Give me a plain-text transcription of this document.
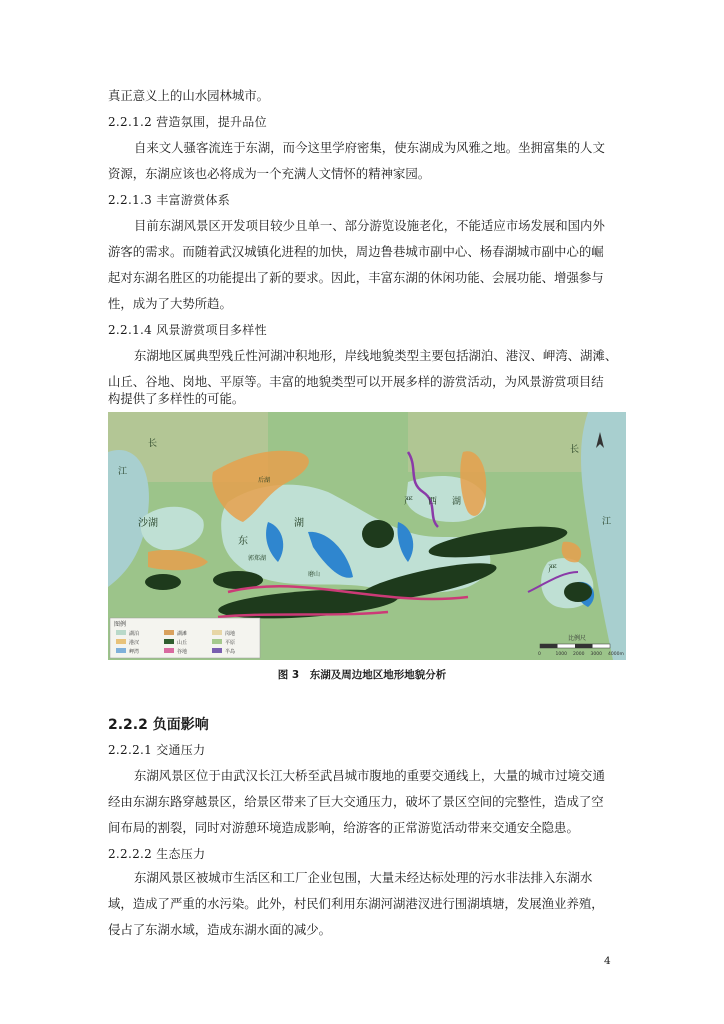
真正意义上的山水园林城市。
2.2.1.2 营造氛围，提升品位
自来文人骚客流连于东湖，而今这里学府密集，使东湖成为风雅之地。坐拥富集的人文
资源，东湖应该也必将成为一个充满人文情怀的精神家园。
2.2.1.3 丰富游赏体系
目前东湖风景区开发项目较少且单一、部分游览设施老化，不能适应市场发展和国内外
游客的需求。而随着武汉城镇化进程的加快，周边鲁巷城市副中心、杨春湖城市副中心的崛
起对东湖名胜区的功能提出了新的要求。因此，丰富东湖的休闲功能、会展功能、增强参与
性，成为了大势所趋。
2.2.1.4 风景游赏项目多样性
东湖地区属典型残丘性河湖冲积地形，岸线地貌类型主要包括湖泊、港汊、岬湾、湖滩、
山丘、谷地、岗地、平原等。丰富的地貌类型可以开展多样的游赏活动，为风景游赏项目结
构提供了多样性的可能。
长
江
沙湖
东
湖
严 西 湖
长
江
严
郭郑湖
后湖
磨山
图例
湖泊
港汊
岬湾
湖滩
山丘
谷地
岗地
平原
半岛
比例尺
0	1000 2000 3000 4000m
图 3　东湖及周边地区地形地貌分析
2.2.2 负面影响
2.2.2.1 交通压力
东湖风景区位于由武汉长江大桥至武昌城市腹地的重要交通线上，大量的城市过境交通
经由东湖东路穿越景区，给景区带来了巨大交通压力，破坏了景区空间的完整性，造成了空
间布局的割裂，同时对游憩环境造成影响，给游客的正常游览活动带来交通安全隐患。
2.2.2.2 生态压力
东湖风景区被城市生活区和工厂企业包围，大量未经达标处理的污水非法排入东湖水
域，造成了严重的水污染。此外，村民们利用东湖河湖港汊进行围湖填塘，发展渔业养殖，
侵占了东湖水域，造成东湖水面的减少。
4
